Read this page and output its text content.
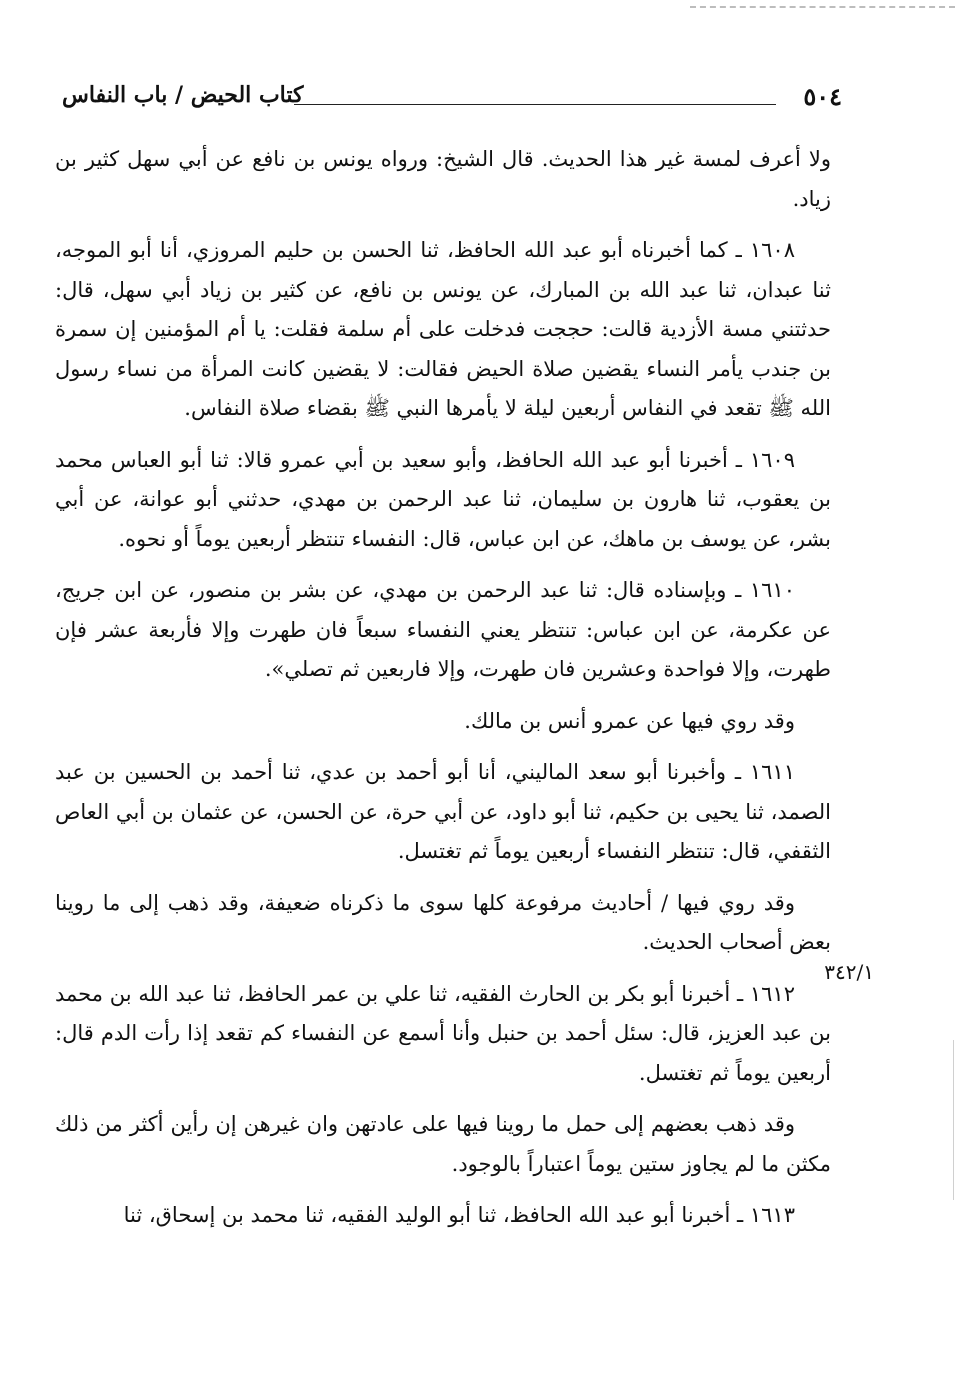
٥٠٤
كتاب الحيض / باب النفاس

ولا أعرف لمسة غير هذا الحديث. قال الشيخ: ورواه يونس بن نافع عن أبي سهل كثير بن زياد.

١٦٠٨ ـ كما أخبرناه أبو عبد الله الحافظ، ثنا الحسن بن حليم المروزي، أنا أبو الموجه، ثنا عبدان، ثنا عبد الله بن المبارك، عن يونس بن نافع، عن كثير بن زياد أبي سهل، قال: حدثتني مسة الأزدية قالت: حججت فدخلت على أم سلمة فقلت: يا أم المؤمنين إن سمرة بن جندب يأمر النساء يقضين صلاة الحيض فقالت: لا يقضين كانت المرأة من نساء رسول الله ﷺ تقعد في النفاس أربعين ليلة لا يأمرها النبي ﷺ بقضاء صلاة النفاس.

١٦٠٩ ـ أخبرنا أبو عبد الله الحافظ، وأبو سعيد بن أبي عمرو قالا: ثنا أبو العباس محمد بن يعقوب، ثنا هارون بن سليمان، ثنا عبد الرحمن بن مهدي، حدثني أبو عوانة، عن أبي بشر، عن يوسف بن ماهك، عن ابن عباس، قال: النفساء تنتظر أربعين يوماً أو نحوه.

١٦١٠ ـ وبإسناده قال: ثنا عبد الرحمن بن مهدي، عن بشر بن منصور، عن ابن جريج، عن عكرمة، عن ابن عباس: تنتظر يعني النفساء سبعاً فان طهرت وإلا فأربعة عشر فإن طهرت، وإلا فواحدة وعشرين فان طهرت، وإلا فاربعين ثم تصلي».

وقد روي فيها عن عمرو أنس بن مالك.

١٦١١ ـ وأخبرنا أبو سعد الماليني، أنا أبو أحمد بن عدي، ثنا أحمد بن الحسين بن عبد الصمد، ثنا يحيى بن حكيم، ثنا أبو داود، عن أبي حرة، عن الحسن، عن عثمان بن أبي العاص الثقفي، قال: تنتظر النفساء أربعين يوماً ثم تغتسل.

وقد روي فيها / أحاديث مرفوعة كلها سوى ما ذكرناه ضعيفة، وقد ذهب إلى ما روينا بعض أصحاب الحديث.

١٦١٢ ـ أخبرنا أبو بكر بن الحارث الفقيه، ثنا علي بن عمر الحافظ، ثنا عبد الله بن محمد بن عبد العزيز، قال: سئل أحمد بن حنبل وأنا أسمع عن النفساء كم تقعد إذا رأت الدم قال: أربعين يوماً ثم تغتسل.

وقد ذهب بعضهم إلى حمل ما روينا فيها على عادتهن وان غيرهن إن رأين أكثر من ذلك مكثن ما لم يجاوز ستين يوماً اعتباراً بالوجود.

١٦١٣ ـ أخبرنا أبو عبد الله الحافظ، ثنا أبو الوليد الفقيه، ثنا محمد بن إسحاق، ثنا

٣٤٢/١
